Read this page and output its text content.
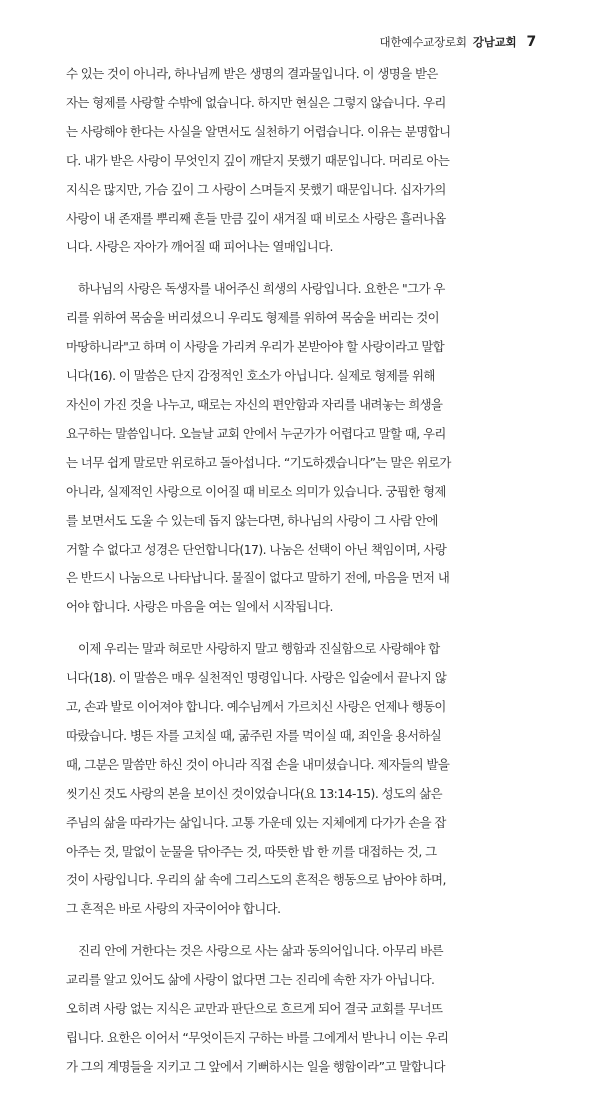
대한예수교장로회 강남교회 7

수 있는 것이 아니라, 하나님께 받은 생명의 결과물입니다. 이 생명을 받은
자는 형제를 사랑할 수밖에 없습니다. 하지만 현실은 그렇지 않습니다. 우리
는 사랑해야 한다는 사실을 알면서도 실천하기 어렵습니다. 이유는 분명합니
다. 내가 받은 사랑이 무엇인지 깊이 깨닫지 못했기 때문입니다. 머리로 아는
지식은 많지만, 가슴 깊이 그 사랑이 스며들지 못했기 때문입니다. 십자가의
사랑이 내 존재를 뿌리째 흔들 만큼 깊이 새겨질 때 비로소 사랑은 흘러나옵
니다. 사랑은 자아가 깨어질 때 피어나는 열매입니다.

하나님의 사랑은 독생자를 내어주신 희생의 사랑입니다. 요한은 "그가 우
리를 위하여 목숨을 버리셨으니 우리도 형제를 위하여 목숨을 버리는 것이
마땅하니라"고 하며 이 사랑을 가리켜 우리가 본받아야 할 사랑이라고 말합
니다(16). 이 말씀은 단지 감정적인 호소가 아닙니다. 실제로 형제를 위해
자신이 가진 것을 나누고, 때로는 자신의 편안함과 자리를 내려놓는 희생을
요구하는 말씀입니다. 오늘날 교회 안에서 누군가가 어렵다고 말할 때, 우리
는 너무 쉽게 말로만 위로하고 돌아섭니다. “기도하겠습니다”는 말은 위로가
아니라, 실제적인 사랑으로 이어질 때 비로소 의미가 있습니다. 궁핍한 형제
를 보면서도 도울 수 있는데 돕지 않는다면, 하나님의 사랑이 그 사람 안에
거할 수 없다고 성경은 단언합니다(17). 나눔은 선택이 아닌 책임이며, 사랑
은 반드시 나눔으로 나타납니다. 물질이 없다고 말하기 전에, 마음을 먼저 내
어야 합니다. 사랑은 마음을 여는 일에서 시작됩니다.

이제 우리는 말과 혀로만 사랑하지 말고 행함과 진실함으로 사랑해야 합
니다(18). 이 말씀은 매우 실천적인 명령입니다. 사랑은 입술에서 끝나지 않
고, 손과 발로 이어져야 합니다. 예수님께서 가르치신 사랑은 언제나 행동이
따랐습니다. 병든 자를 고치실 때, 굶주린 자를 먹이실 때, 죄인을 용서하실
때, 그분은 말씀만 하신 것이 아니라 직접 손을 내미셨습니다. 제자들의 발을
씻기신 것도 사랑의 본을 보이신 것이었습니다(요 13:14-15). 성도의 삶은
주님의 삶을 따라가는 삶입니다. 고통 가운데 있는 지체에게 다가가 손을 잡
아주는 것, 말없이 눈물을 닦아주는 것, 따뜻한 밥 한 끼를 대접하는 것, 그
것이 사랑입니다. 우리의 삶 속에 그리스도의 흔적은 행동으로 남아야 하며,
그 흔적은 바로 사랑의 자국이어야 합니다.

진리 안에 거한다는 것은 사랑으로 사는 삶과 동의어입니다. 아무리 바른
교리를 알고 있어도 삶에 사랑이 없다면 그는 진리에 속한 자가 아닙니다.
오히려 사랑 없는 지식은 교만과 판단으로 흐르게 되어 결국 교회를 무너뜨
립니다. 요한은 이어서 “무엇이든지 구하는 바를 그에게서 받나니 이는 우리
가 그의 계명들을 지키고 그 앞에서 기뻐하시는 일을 행함이라”고 말합니다
